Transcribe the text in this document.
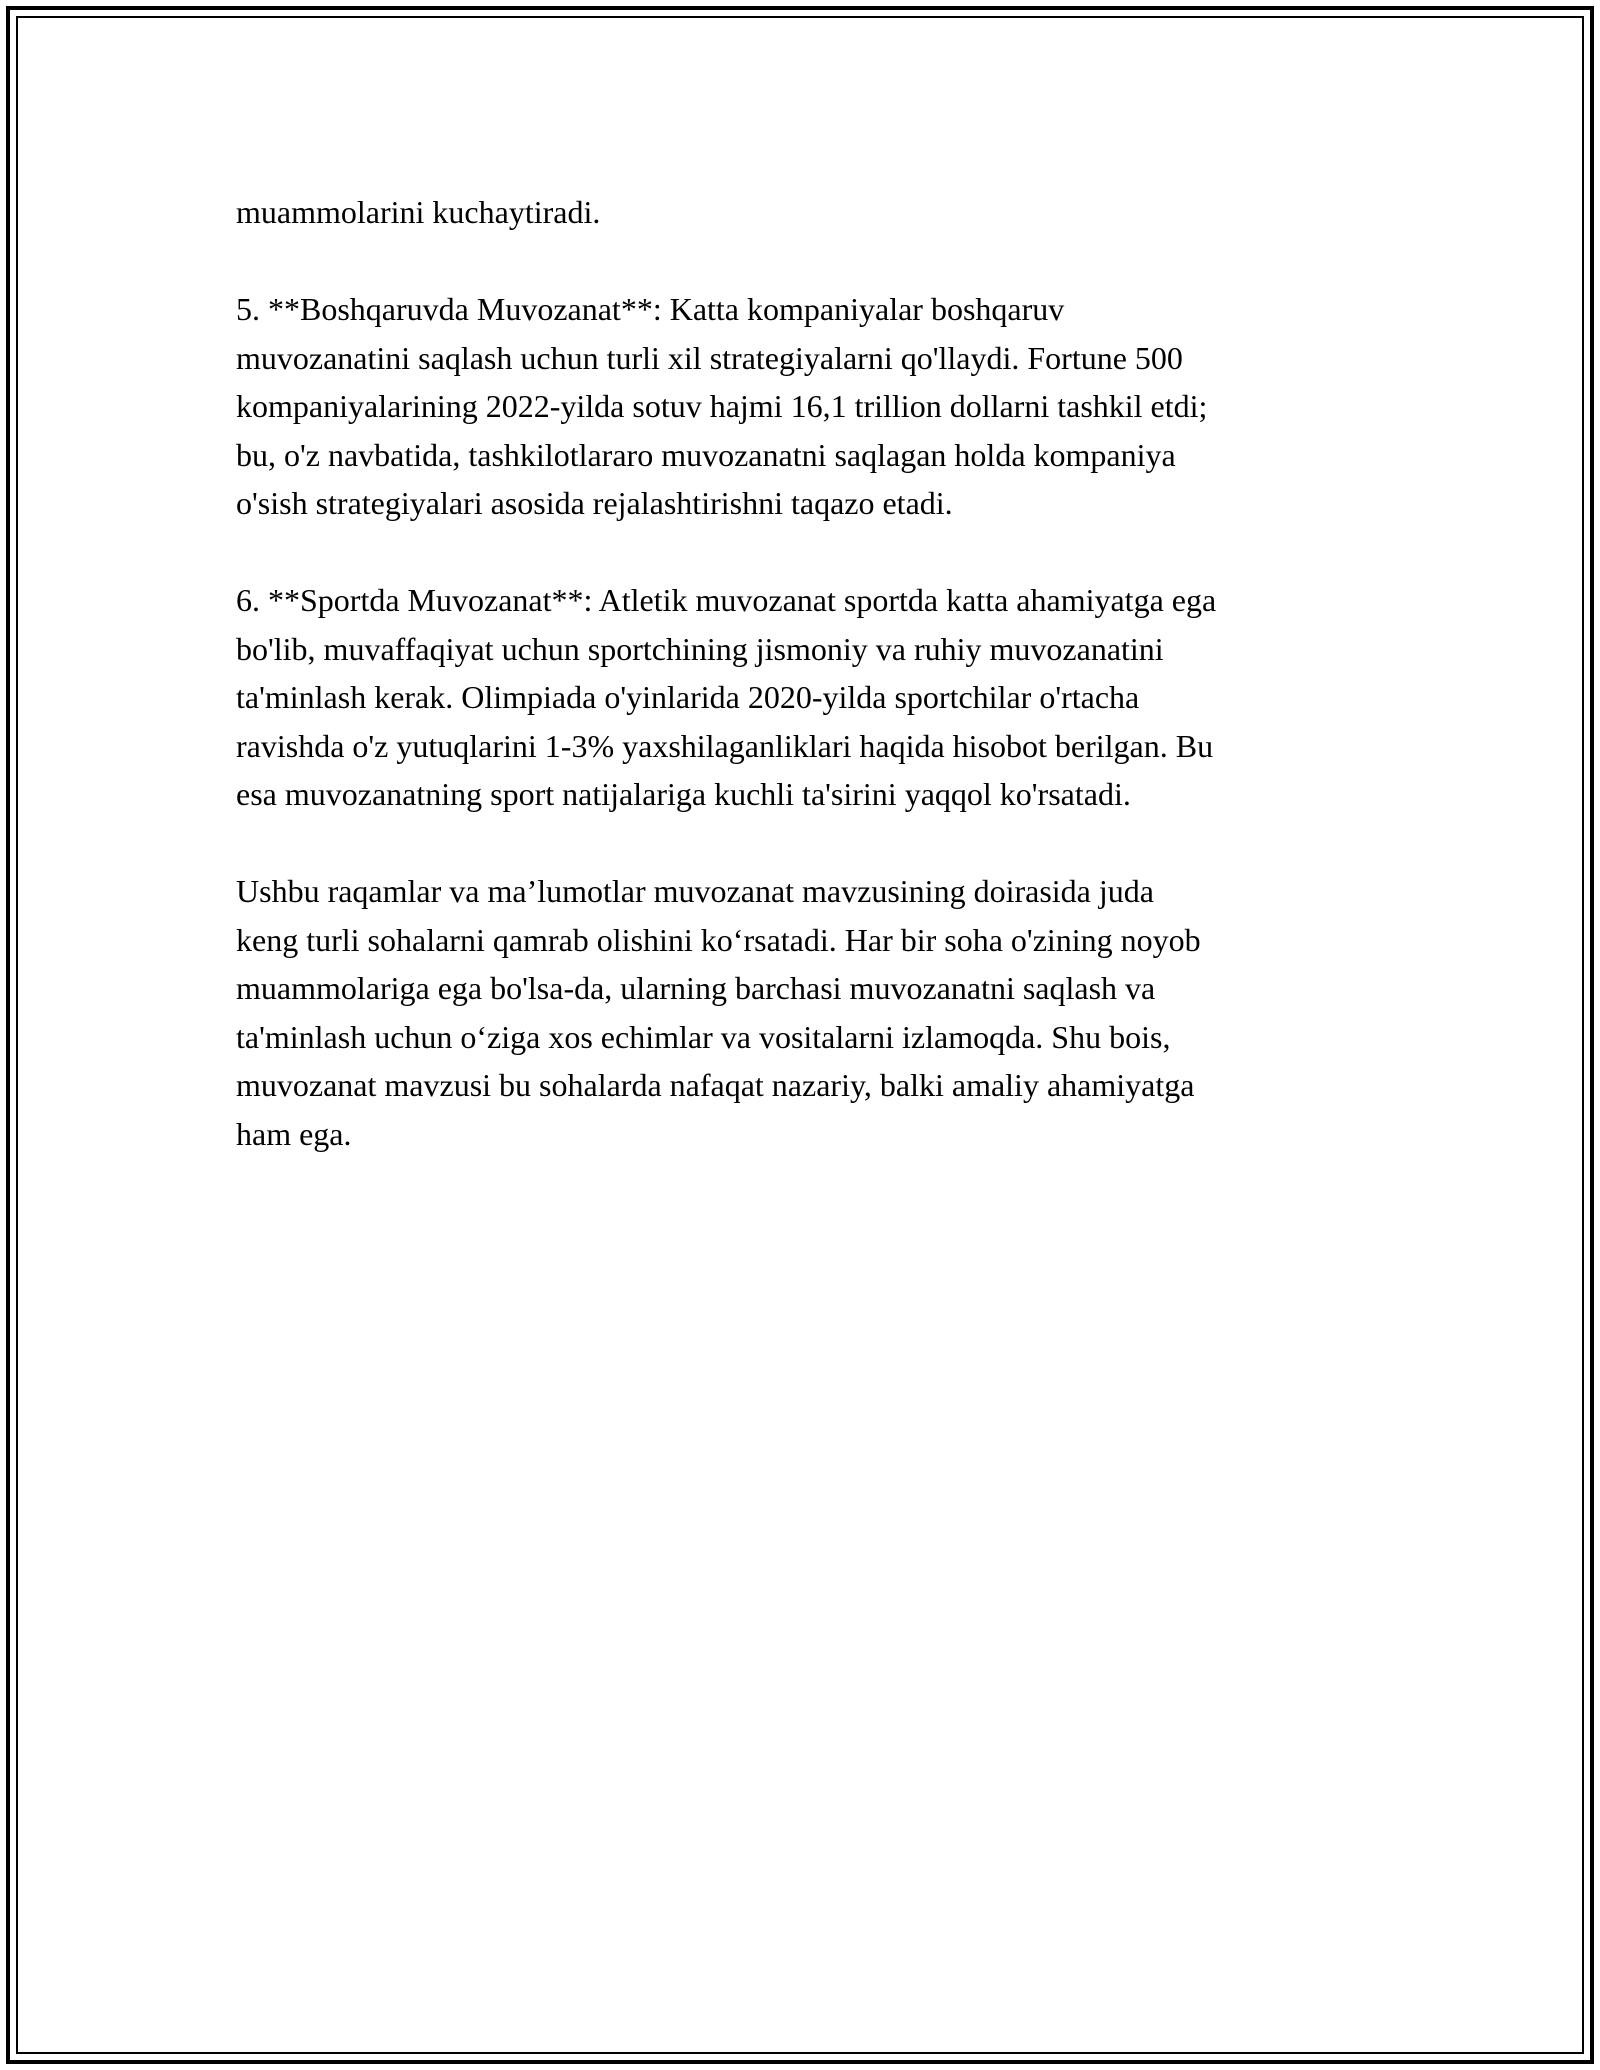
muammolarini kuchaytiradi.

5. **Boshqaruvda Muvozanat**: Katta kompaniyalar boshqaruv
muvozanatini saqlash uchun turli xil strategiyalarni qo'llaydi. Fortune 500
kompaniyalarining 2022-yilda sotuv hajmi 16,1 trillion dollarni tashkil etdi;
bu, o'z navbatida, tashkilotlararo muvozanatni saqlagan holda kompaniya
o'sish strategiyalari asosida rejalashtirishni taqazo etadi.

6. **Sportda Muvozanat**: Atletik muvozanat sportda katta ahamiyatga ega
bo'lib, muvaffaqiyat uchun sportchining jismoniy va ruhiy muvozanatini
ta'minlash kerak. Olimpiada o'yinlarida 2020-yilda sportchilar o'rtacha
ravishda o'z yutuqlarini 1-3% yaxshilaganliklari haqida hisobot berilgan. Bu
esa muvozanatning sport natijalariga kuchli ta'sirini yaqqol ko'rsatadi.

Ushbu raqamlar va ma’lumotlar muvozanat mavzusining doirasida juda
keng turli sohalarni qamrab olishini ko‘rsatadi. Har bir soha o'zining noyob
muammolariga ega bo'lsa-da, ularning barchasi muvozanatni saqlash va
ta'minlash uchun o‘ziga xos echimlar va vositalarni izlamoqda. Shu bois,
muvozanat mavzusi bu sohalarda nafaqat nazariy, balki amaliy ahamiyatga
ham ega.
